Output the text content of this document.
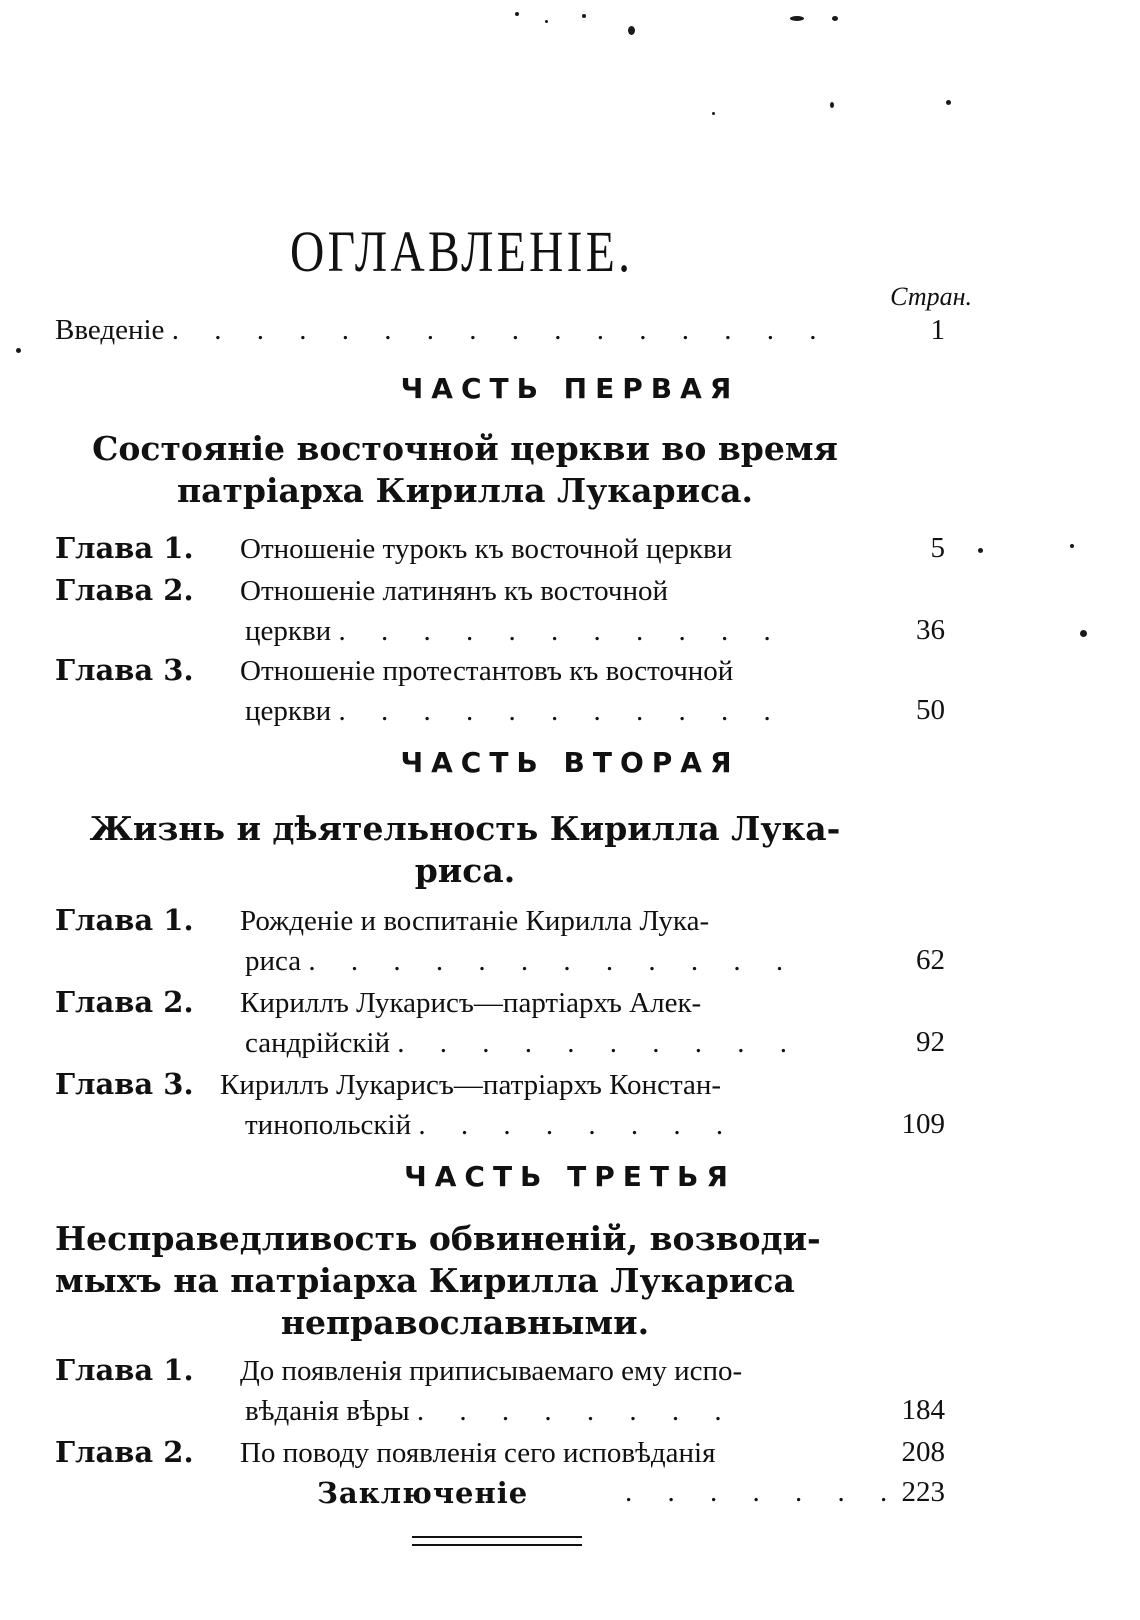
ОГЛАВЛЕНІЕ.
Стран.
Введеніе . . . . . . . . . . . . . . . .	1
ЧАСТЬ ПЕРВАЯ
Состояніе восточной церкви во время
патріарха Кирилла Лукариса.
Глава 1. Отношеніе турокъ къ восточной церкви	5
Глава 2. Отношеніе латинянъ къ восточной
церкви . . . . . . . . . . .	36
Глава 3. Отношеніе протестантовъ къ восточной
церкви . . . . . . . . . . .	50
ЧАСТЬ ВТОРАЯ
Жизнь и дѣятельность Кирилла Лука-
риса.
Глава 1. Рожденіе и воспитаніе Кирилла Лука-
риса . . . . . . . . . . . .	62
Глава 2. Кириллъ Лукарисъ—партіархъ Алек-
сандрійскій . . . . . . . . . .	92
Глава 3. Кириллъ Лукарисъ—патріархъ Констан-
тинопольскій . . . . . . . .	109
ЧАСТЬ ТРЕТЬЯ
Несправедливость обвиненій, возводи-
мыхъ на патріарха Кирилла Лукариса
неправославными.
Глава 1. До появленія приписываемаго ему испо-
вѣданія вѣры . . . . . . . .	184
Глава 2. По поводу появленія сего исповѣданія	208
Заключеніе	. . . . . . . 223
